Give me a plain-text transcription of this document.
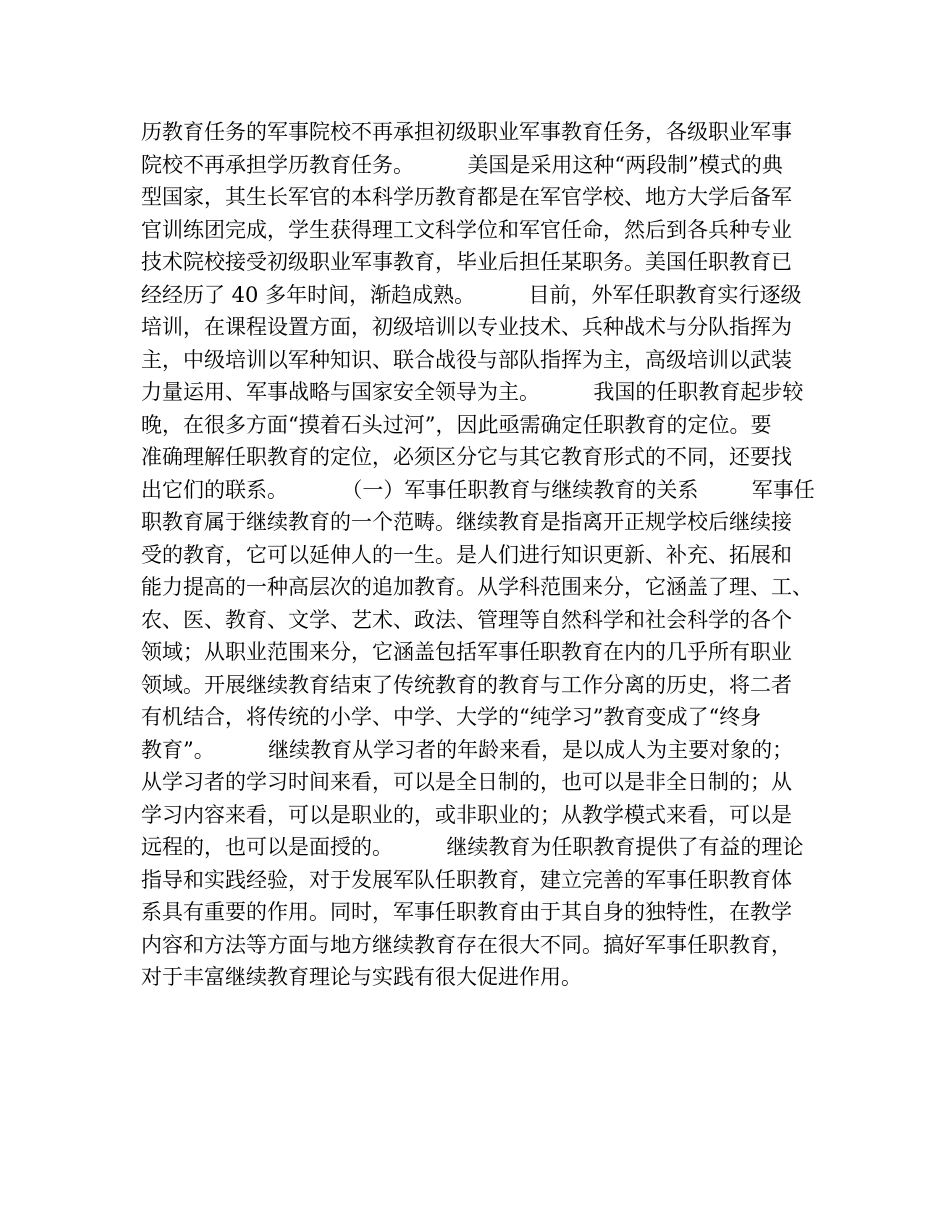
历教育任务的军事院校不再承担初级职业军事教育任务，各级职业军事
院校不再承担学历教育任务。        美国是采用这种“两段制”模式的典
型国家，其生长军官的本科学历教育都是在军官学校、地方大学后备军
官训练团完成，学生获得理工文科学位和军官任命，然后到各兵种专业
技术院校接受初级职业军事教育，毕业后担任某职务。美国任职教育已
经经历了 40 多年时间，渐趋成熟。        目前，外军任职教育实行逐级
培训，在课程设置方面，初级培训以专业技术、兵种战术与分队指挥为
主，中级培训以军种知识、联合战役与部队指挥为主，高级培训以武装
力量运用、军事战略与国家安全领导为主。        我国的任职教育起步较
晚，在很多方面“摸着石头过河”，因此亟需确定任职教育的定位。要
准确理解任职教育的定位，必须区分它与其它教育形式的不同，还要找
出它们的联系。        （一）军事任职教育与继续教育的关系        军事任
职教育属于继续教育的一个范畴。继续教育是指离开正规学校后继续接
受的教育，它可以延伸人的一生。是人们进行知识更新、补充、拓展和
能力提高的一种高层次的追加教育。从学科范围来分，它涵盖了理、工、
农、医、教育、文学、艺术、政法、管理等自然科学和社会科学的各个
领域；从职业范围来分，它涵盖包括军事任职教育在内的几乎所有职业
领域。开展继续教育结束了传统教育的教育与工作分离的历史，将二者
有机结合，将传统的小学、中学、大学的“纯学习”教育变成了“终身
教育”。        继续教育从学习者的年龄来看，是以成人为主要对象的；
从学习者的学习时间来看，可以是全日制的，也可以是非全日制的；从
学习内容来看，可以是职业的，或非职业的；从教学模式来看，可以是
远程的，也可以是面授的。        继续教育为任职教育提供了有益的理论
指导和实践经验，对于发展军队任职教育，建立完善的军事任职教育体
系具有重要的作用。同时，军事任职教育由于其自身的独特性，在教学
内容和方法等方面与地方继续教育存在很大不同。搞好军事任职教育，
对于丰富继续教育理论与实践有很大促进作用。
